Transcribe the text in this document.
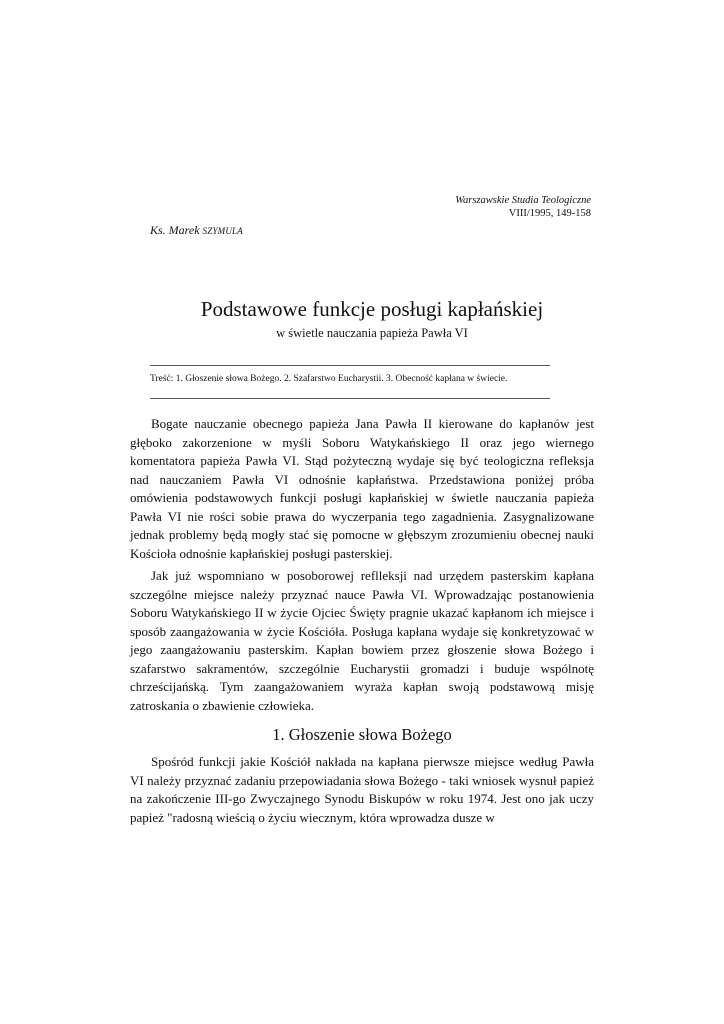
Warszawskie Studia Teologiczne
VIII/1995, 149-158
Ks. Marek SZYMULA
Podstawowe funkcje posługi kapłańskiej
w świetle nauczania papieża Pawła VI
Treść: 1. Głoszenie słowa Bożego. 2. Szafarstwo Eucharystii. 3. Obecność kapłana w świecie.

Bogate nauczanie obecnego papieża Jana Pawła II kierowane do kapłanów jest głęboko zakorzenione w myśli Soboru Watykańskiego II oraz jego wiernego komentatora papieża Pawła VI. Stąd pożyteczną wydaje się być teologiczna refleksja nad nauczaniem Pawła VI odnośnie kapłaństwa. Przedstawiona poniżej próba omówienia podstawowych funkcji posługi kapłańskiej w świetle nauczania papieża Pawła VI nie rości sobie prawa do wyczerpania tego zagadnienia. Zasygnalizowane jednak problemy będą mogły stać się pomocne w głębszym zrozumieniu obecnej nauki Kościoła odnośnie kapłańskiej posługi pasterskiej.

Jak już wspomniano w posoborowej reflleksji nad urzędem pasterskim kapłana szczególne miejsce należy przyznać nauce Pawła VI. Wprowadzając postanowienia Soboru Watykańskiego II w życie Ojciec Święty pragnie ukazać kapłanom ich miejsce i sposób zaangażowania w życie Kościóła. Posługa kapłana wydaje się konkretyzować w jego zaangażowaniu pasterskim. Kapłan bowiem przez głoszenie słowa Bożego i szafarstwo sakramentów, szczególnie Eucharystii gromadzi i buduje wspólnotę chrześcijańską. Tym zaangażowaniem wyraża kapłan swoją podstawową misję zatroskania o zbawienie człowieka.

1. Głoszenie słowa Bożego

Spośród funkcji jakie Kościół nakłada na kapłana pierwsze miejsce według Pawła VI należy przyznać zadaniu przepowiadania słowa Bożego - taki wniosek wysnuł papież na zakończenie III-go Zwyczajnego Synodu Biskupów w roku 1974. Jest ono jak uczy papież "radosną wieścią o życiu wiecznym, która wprowadza dusze w
